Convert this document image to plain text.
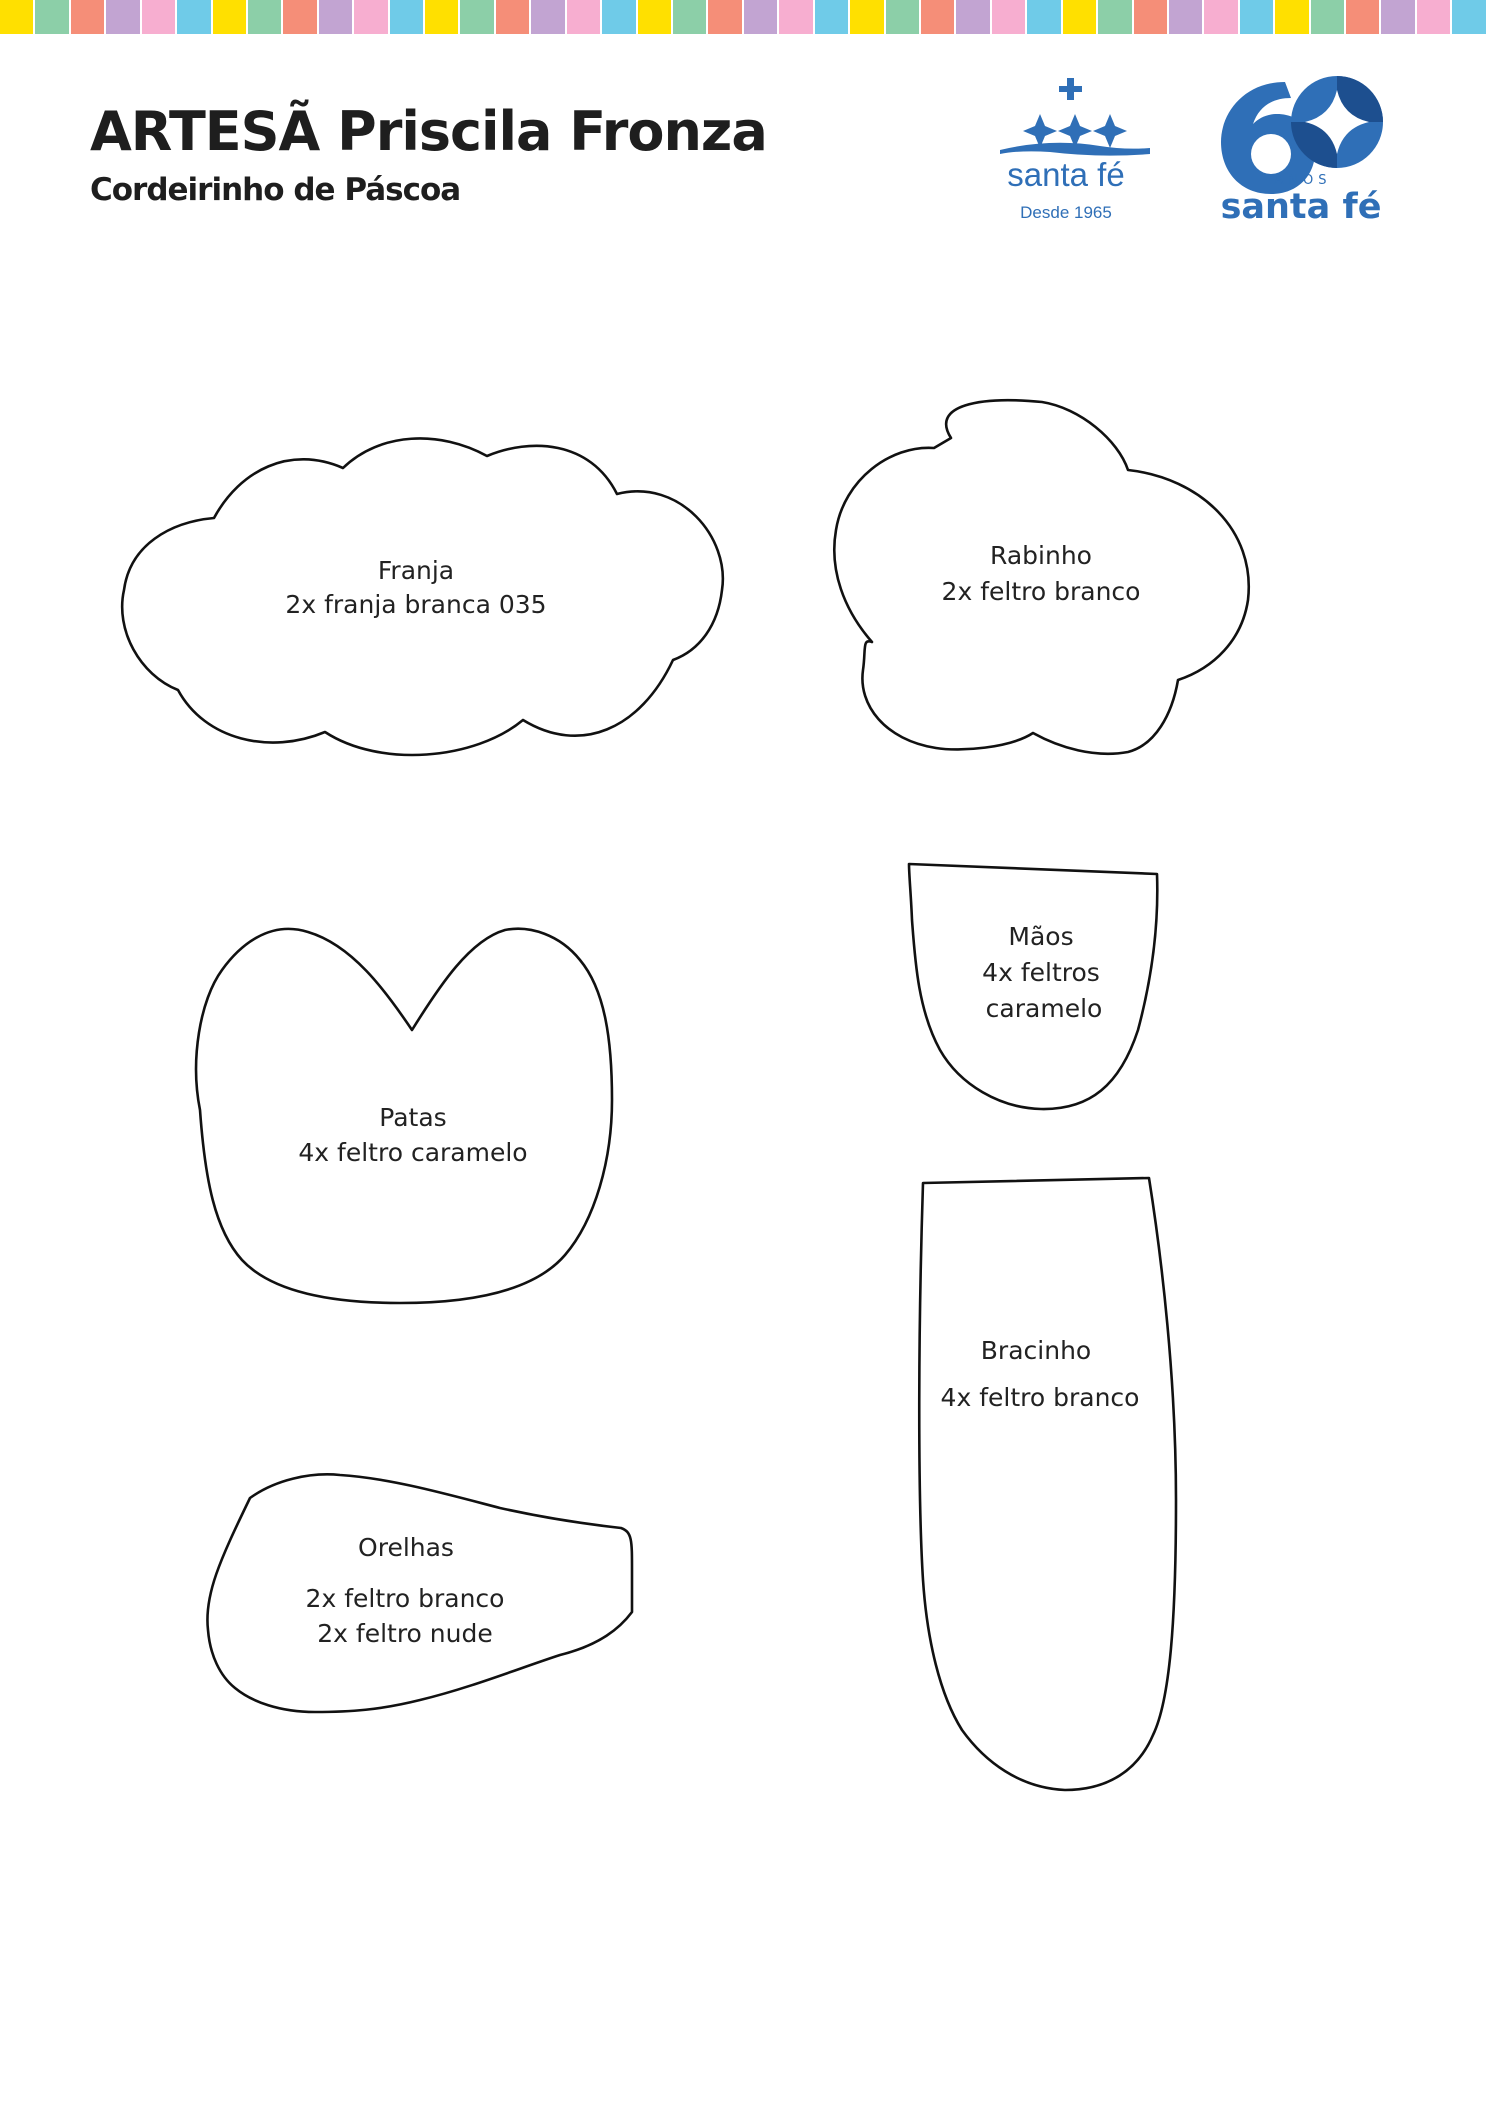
ARTESÃ Priscila Fronza
Cordeirinho de Páscoa	santa fé
Desde 1965
ANOS
santa fé
Franja
2x franja branca 035
Rabinho
2x feltro branco
Mãos
4x feltros
caramelo
Patas
4x feltro caramelo
Bracinho
4x feltro branco
Orelhas
2x feltro branco
2x feltro nude
